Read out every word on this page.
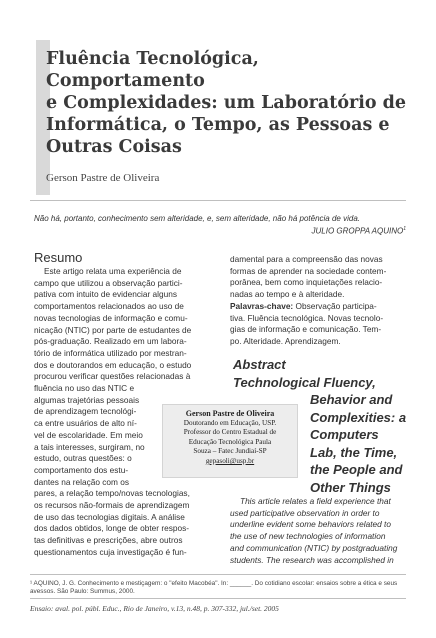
Fluência Tecnológica, Comportamento
e Complexidades: um Laboratório de
Informática, o Tempo, as Pessoas e
Outras Coisas
Gerson Pastre de Oliveira
Não há, portanto, conhecimento sem alteridade, e, sem alteridade, não há potência de vida.
JULIO GROPPA AQUINO$^1$
Resumo
Este artigo relata uma experiência de
campo que utilizou a observação partici-
pativa com intuito de evidenciar alguns
comportamentos relacionados ao uso de
novas tecnologias de informação e comu-
nicação (NTIC) por parte de estudantes de
pós-graduação. Realizado em um labora-
tório de informática utilizado por mestran-
dos e doutorandos em educação, o estudo
procurou verificar questões relacionadas à
fluência no uso das NTIC e
algumas trajetórias pessoais
de aprendizagem tecnológi-
ca entre usuários de alto ní-
vel de escolaridade. Em meio
a tais interesses, surgiram, no
estudo, outras questões: o
comportamento dos estu-
dantes na relação com os
pares, a relação tempo/novas tecnologias,
os recursos não-formais de aprendizagem
de uso das tecnologias digitais. A análise
dos dados obtidos, longe de obter respos-
tas definitivas e prescrições, abre outros
questionamentos cuja investigação é fun-
damental para a compreensão das novas
formas de aprender na sociedade contem-
porânea, bem como inquietações relacio-
nadas ao tempo e à alteridade.
Palavras-chave: Observação participa-
tiva. Fluência tecnológica. Novas tecnolo-
gias de informação e comunicação. Tem-
po. Alteridade. Aprendizagem.
Abstract
Technological Fluency,
Behavior and
Complexities: a
Computers
Lab, the Time,
the People and
Other Things
Gerson Pastre de Oliveira
Doutorando em Educação, USP.
Professor do Centro Estadual de
Educação Tecnológica Paula
Souza – Fatec Jundiaí-SP
gepasoli@usp.br
This article relates a field experience that
used participative observation in order to
underline evident some behaviors related to
the use of new technologies of information
and communication (NTIC) by postgraduating
students. The research was accomplished in
¹ AQUINO, J. G. Conhecimento e mestiçagem: o "efeito Macobéa". In: ______. Do cotidiano escolar: ensaios sobre a ética e seus
avessos. São Paulo: Summus, 2000.
Ensaio: aval. pol. públ. Educ., Rio de Janeiro, v.13, n.48, p. 307-332, jul./set. 2005
